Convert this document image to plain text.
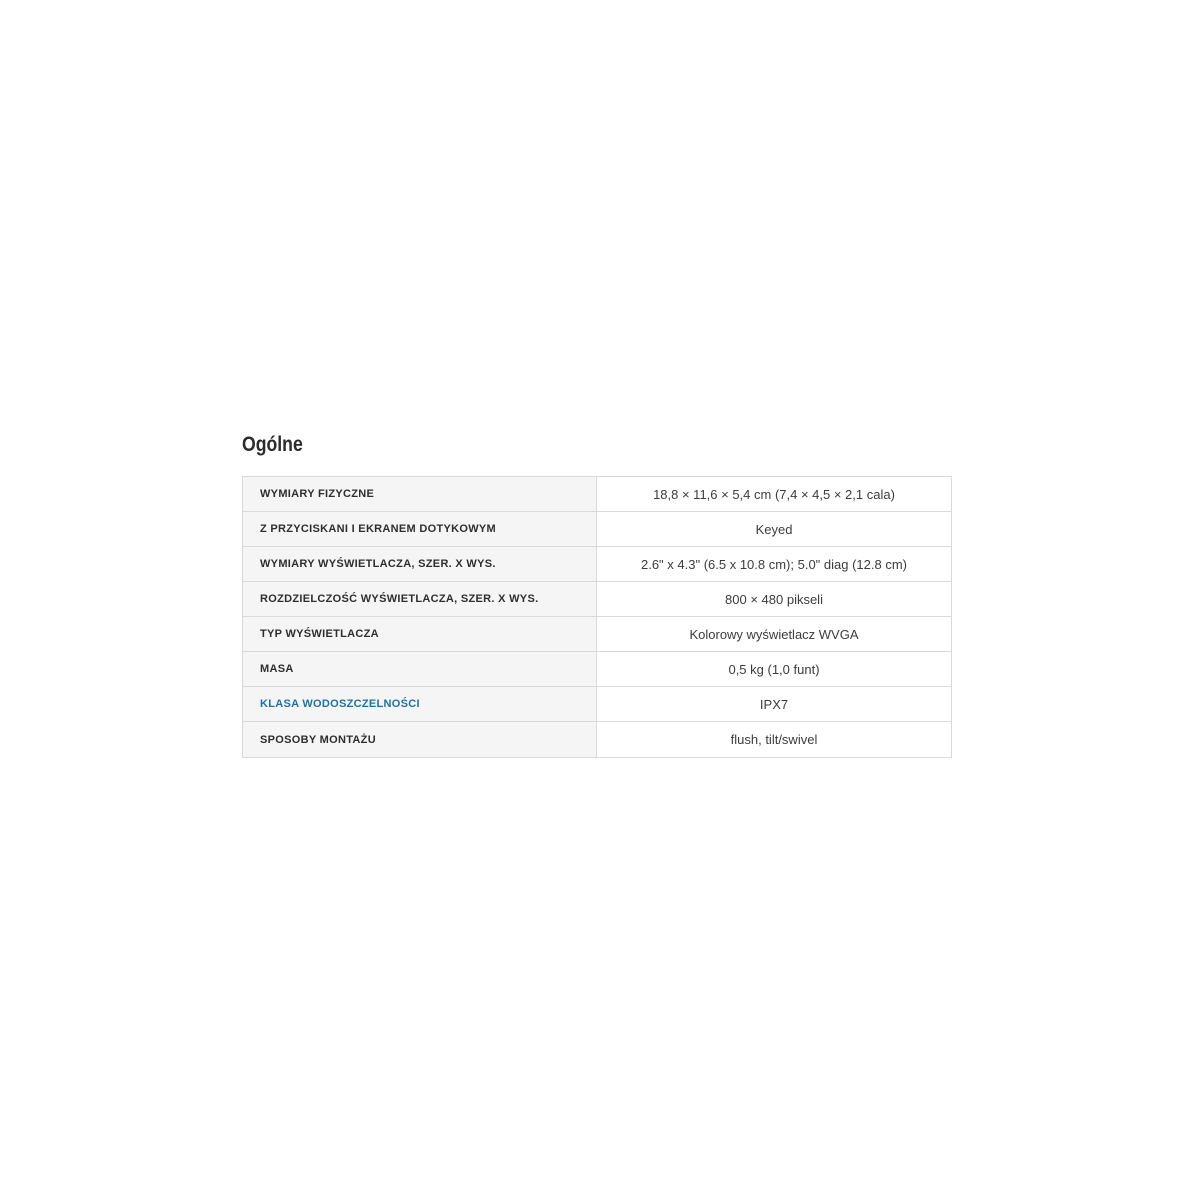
Ogólne
WYMIARY FIZYCZNE	18,8 × 11,6 × 5,4 cm (7,4 × 4,5 × 2,1 cala)
Z PRZYCISKANI I EKRANEM DOTYKOWYM	Keyed
WYMIARY WYŚWIETLACZA, SZER. X WYS.	2.6" x 4.3" (6.5 x 10.8 cm); 5.0" diag (12.8 cm)
ROZDZIELCZOŚĆ WYŚWIETLACZA, SZER. X WYS.	800 × 480 pikseli
TYP WYŚWIETLACZA	Kolorowy wyświetlacz WVGA
MASA	0,5 kg (1,0 funt)
KLASA WODOSZCZELNOŚCI	IPX7
SPOSOBY MONTAŻU	flush, tilt/swivel
